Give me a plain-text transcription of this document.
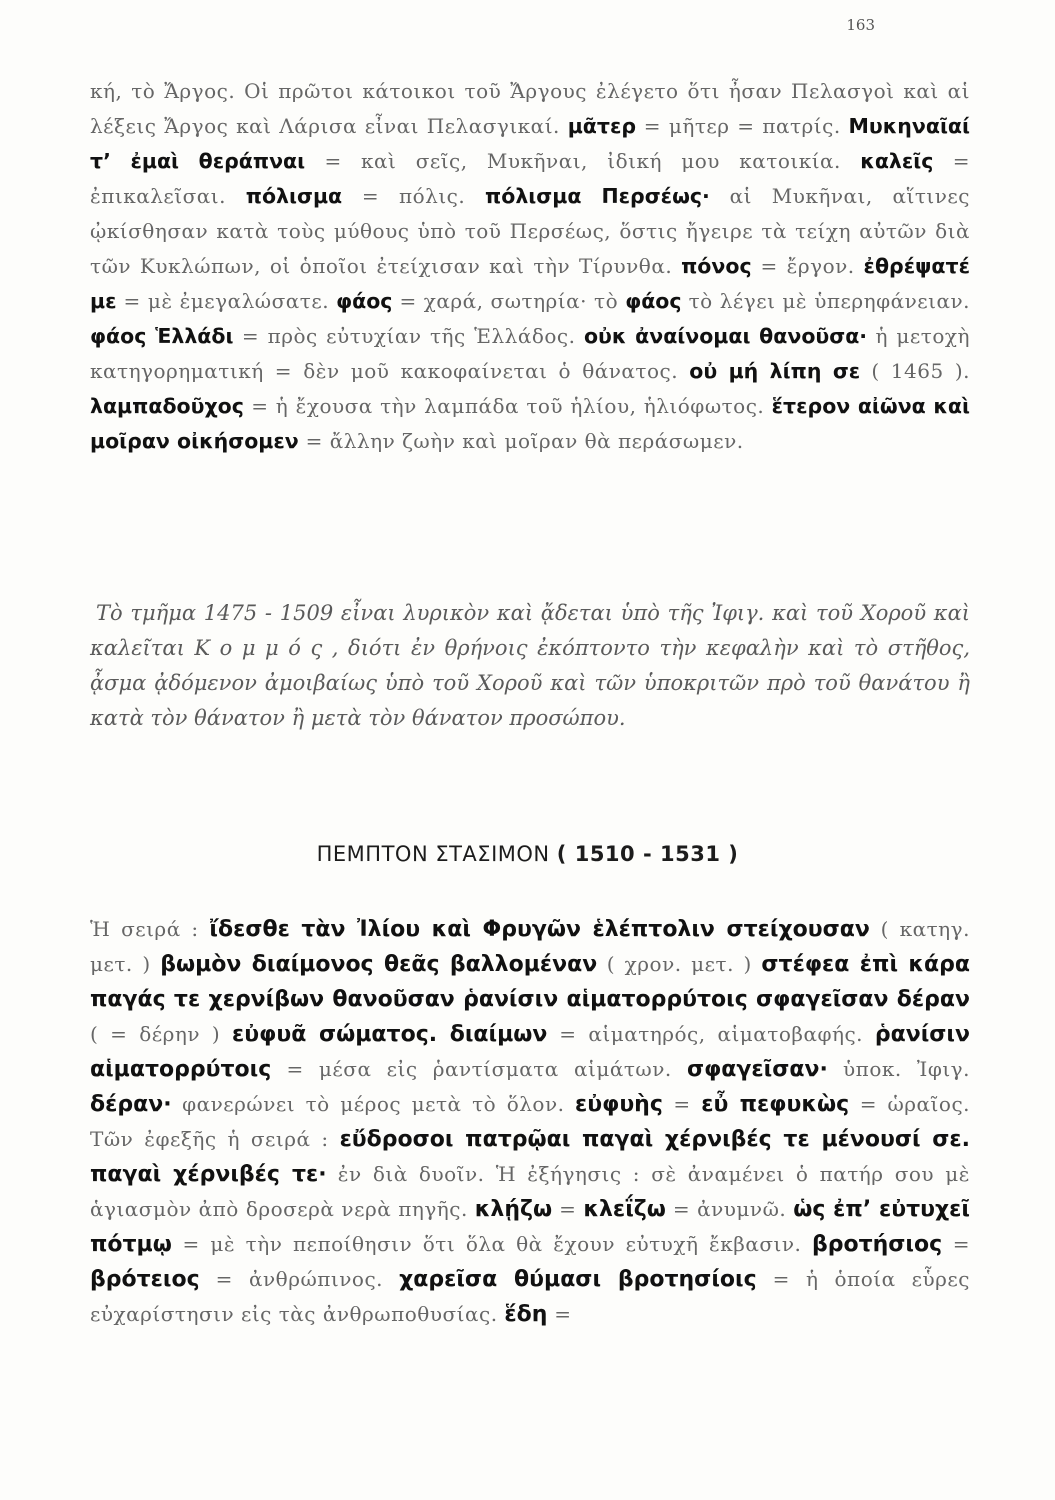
163

κή, τὸ Ἄργος. Οἱ πρῶτοι κάτοικοι τοῦ Ἄργους ἐλέγετο ὅτι ἦσαν Πελασγοὶ καὶ αἱ λέξεις Ἄργος καὶ Λάρισα εἶναι Πελασγικαί. μᾶτερ = μῆτερ = πατρίς. Μυκηναῖαί τ’ ἐμαὶ θεράπναι = καὶ σεῖς, Μυκῆναι, ἰδική μου κατοικία. καλεῖς = ἐπικαλεῖσαι. πόλισμα = πόλις. πόλισμα Περσέως· αἱ Μυκῆναι, αἵτινες ᾠκίσθησαν κατὰ τοὺς μύθους ὑπὸ τοῦ Περσέως, ὅστις ἤγειρε τὰ τείχη αὐτῶν διὰ τῶν Κυκλώπων, οἱ ὁποῖοι ἐτείχισαν καὶ τὴν Τίρυνθα. πόνος = ἔργον. ἐθρέψατέ με = μὲ ἐμεγαλώσατε. φάος = χαρά, σωτηρία· τὸ φάος τὸ λέγει μὲ ὑπερηφάνειαν. φάος Ἑλλάδι = πρὸς εὐτυχίαν τῆς Ἑλλάδος. οὐκ ἀναίνομαι θανοῦσα· ἡ μετοχὴ κατηγορηματική = δὲν μοῦ κακοφαίνεται ὁ θάνατος. οὐ μή λίπη σε ( 1465 ). λαμπαδοῦχος = ἡ ἔχουσα τὴν λαμπάδα τοῦ ἡλίου, ἡλιόφωτος. ἕτερον αἰῶνα καὶ μοῖραν οἰκήσομεν = ἄλλην ζωὴν καὶ μοῖραν θὰ περάσωμεν.

Τὸ τμῆμα 1475 - 1509 εἶναι λυρικὸν καὶ ᾄδεται ὑπὸ τῆς Ἰφιγ. καὶ τοῦ Χοροῦ καὶ καλεῖται Κ ο μ μ ό ς , διότι ἐν θρήνοις ἐκόπτοντο τὴν κεφαλὴν καὶ τὸ στῆθος, ᾆσμα ᾀδόμενον ἀμοιβαίως ὑπὸ τοῦ Χοροῦ καὶ τῶν ὑποκριτῶν πρὸ τοῦ θανάτου ἢ κατὰ τὸν θάνατον ἢ μετὰ τὸν θάνατον προσώπου.

ΠΕΜΠΤΟΝ ΣΤΑΣΙΜΟΝ ( 1510 - 1531 )

Ἡ σειρά : ἴδεσθε τὰν Ἰλίου καὶ Φρυγῶν ἑλέπτολιν στείχουσαν ( κατηγ. μετ. ) βωμὸν διαίμονος θεᾶς βαλλομέναν ( χρον. μετ. ) στέφεα ἐπὶ κάρα παγάς τε χερνίβων θανοῦσαν ῥανίσιν αἱματορρύτοις σφαγεῖσαν δέραν ( = δέρην ) εὐφυᾶ σώματος. διαίμων = αἱματηρός, αἱματοβαφής. ῥανίσιν αἱματορρύτοις = μέσα εἰς ῥαντίσματα αἱμάτων. σφαγεῖσαν· ὑποκ. Ἰφιγ. δέραν· φανερώνει τὸ μέρος μετὰ τὸ ὅλον. εὐφυὴς = εὖ πεφυκὼς = ὡραῖος. Τῶν ἐφεξῆς ἡ σειρά : εὔδροσοι πατρῷαι παγαὶ χέρνιβές τε μένουσί σε. παγαὶ χέρνιβές τε· ἐν διὰ δυοῖν. Ἡ ἐξήγησις : σὲ ἀναμένει ὁ πατήρ σου μὲ ἁγιασμὸν ἀπὸ δροσερὰ νερὰ πηγῆς. κλῄζω = κλεΐζω = ἀνυμνῶ. ὡς ἐπ’ εὐτυχεῖ πότμῳ = μὲ τὴν πεποίθησιν ὅτι ὅλα θὰ ἔχουν εὐτυχῆ ἔκβασιν. βροτήσιος = βρότειος = ἀνθρώπινος. χαρεῖσα θύμασι βροτησίοις = ἡ ὁποία εὗρες εὐχαρίστησιν εἰς τὰς ἀνθρωποθυσίας. ἕδη =
